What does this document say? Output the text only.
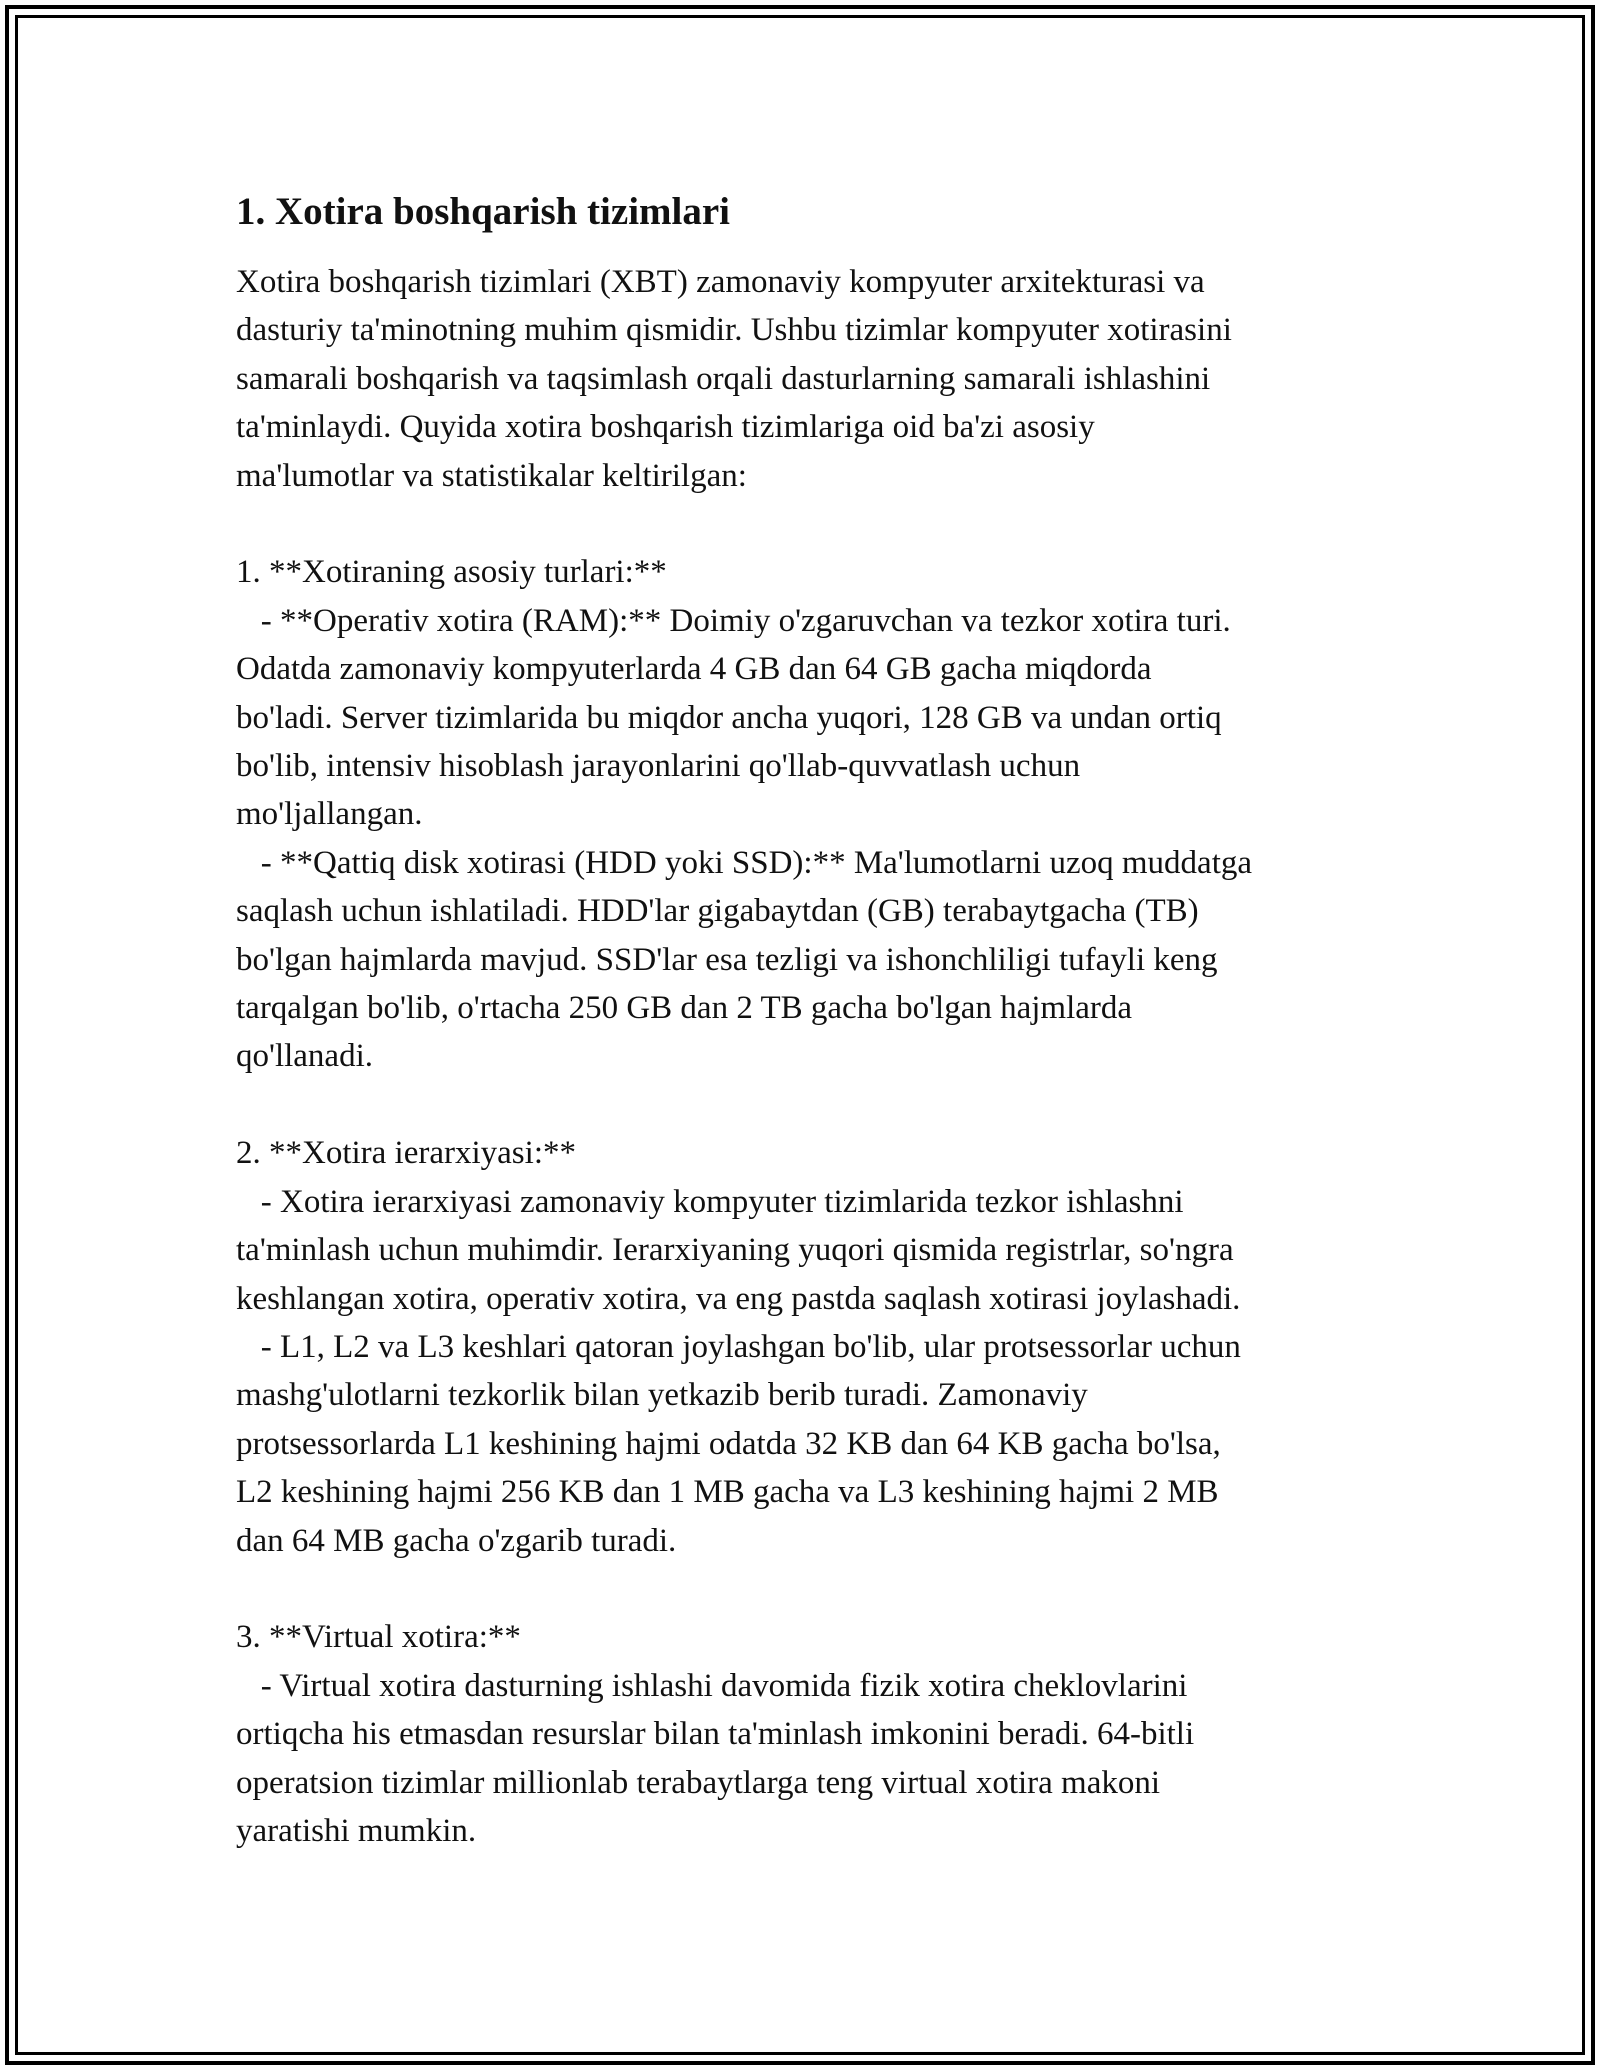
1. Xotira boshqarish tizimlari
Xotira boshqarish tizimlari (XBT) zamonaviy kompyuter arxitekturasi va
dasturiy ta'minotning muhim qismidir. Ushbu tizimlar kompyuter xotirasini
samarali boshqarish va taqsimlash orqali dasturlarning samarali ishlashini
ta'minlaydi. Quyida xotira boshqarish tizimlariga oid ba'zi asosiy
ma'lumotlar va statistikalar keltirilgan:
1. **Xotiraning asosiy turlari:**
- **Operativ xotira (RAM):** Doimiy o'zgaruvchan va tezkor xotira turi.
Odatda zamonaviy kompyuterlarda 4 GB dan 64 GB gacha miqdorda
bo'ladi. Server tizimlarida bu miqdor ancha yuqori, 128 GB va undan ortiq
bo'lib, intensiv hisoblash jarayonlarini qo'llab-quvvatlash uchun
mo'ljallangan.
- **Qattiq disk xotirasi (HDD yoki SSD):** Ma'lumotlarni uzoq muddatga
saqlash uchun ishlatiladi. HDD'lar gigabaytdan (GB) terabaytgacha (TB)
bo'lgan hajmlarda mavjud. SSD'lar esa tezligi va ishonchliligi tufayli keng
tarqalgan bo'lib, o'rtacha 250 GB dan 2 TB gacha bo'lgan hajmlarda
qo'llanadi.
2. **Xotira ierarxiyasi:**
- Xotira ierarxiyasi zamonaviy kompyuter tizimlarida tezkor ishlashni
ta'minlash uchun muhimdir. Ierarxiyaning yuqori qismida registrlar, so'ngra
keshlangan xotira, operativ xotira, va eng pastda saqlash xotirasi joylashadi.
- L1, L2 va L3 keshlari qatoran joylashgan bo'lib, ular protsessorlar uchun
mashg'ulotlarni tezkorlik bilan yetkazib berib turadi. Zamonaviy
protsessorlarda L1 keshining hajmi odatda 32 KB dan 64 KB gacha bo'lsa,
L2 keshining hajmi 256 KB dan 1 MB gacha va L3 keshining hajmi 2 MB
dan 64 MB gacha o'zgarib turadi.
3. **Virtual xotira:**
- Virtual xotira dasturning ishlashi davomida fizik xotira cheklovlarini
ortiqcha his etmasdan resurslar bilan ta'minlash imkonini beradi. 64-bitli
operatsion tizimlar millionlab terabaytlarga teng virtual xotira makoni
yaratishi mumkin.
